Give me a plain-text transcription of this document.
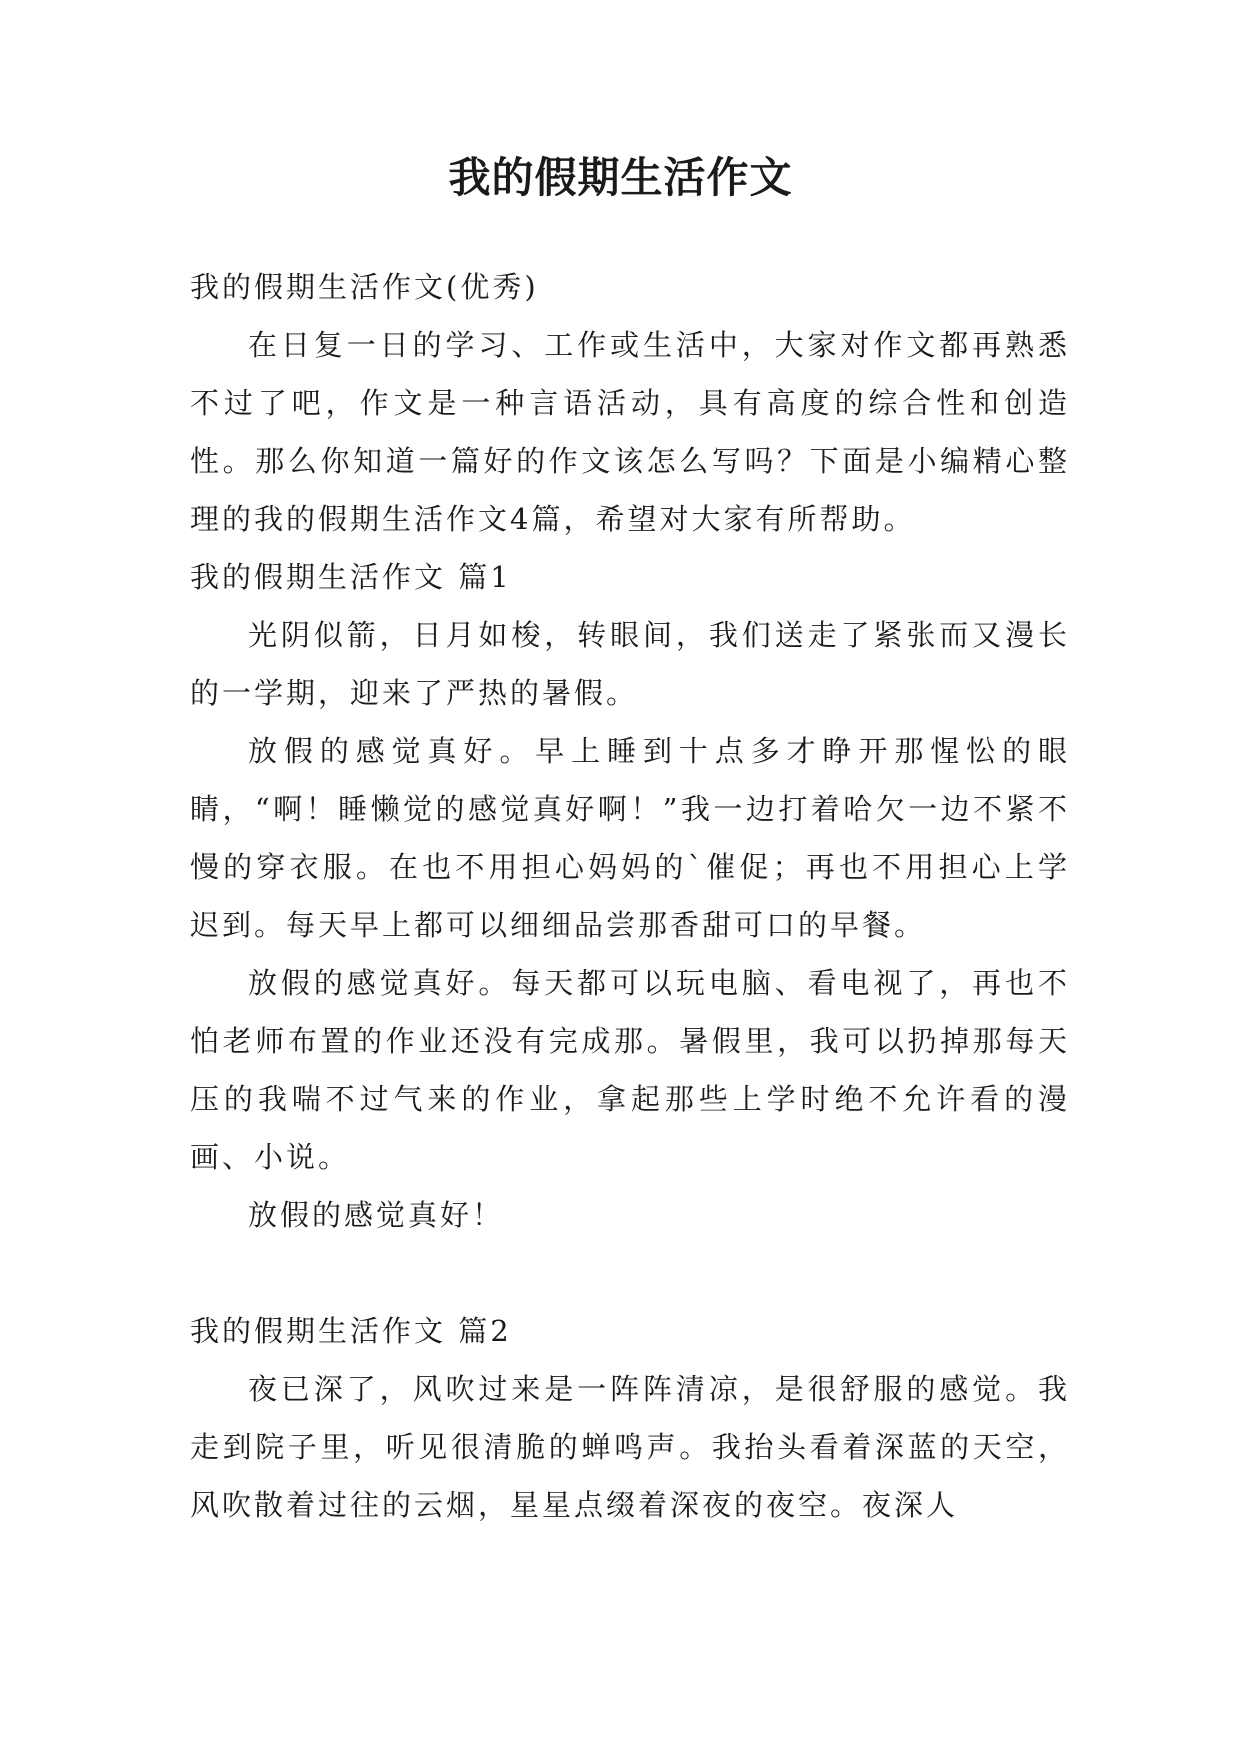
我的假期生活作文

我的假期生活作文(优秀)

在日复一日的学习、工作或生活中，大家对作文都再熟悉不过了吧，作文是一种言语活动，具有高度的综合性和创造性。那么你知道一篇好的作文该怎么写吗？下面是小编精心整理的我的假期生活作文4篇，希望对大家有所帮助。

我的假期生活作文 篇1

光阴似箭，日月如梭，转眼间，我们送走了紧张而又漫长的一学期，迎来了严热的暑假。

放假的感觉真好。早上睡到十点多才睁开那惺忪的眼睛，“啊！睡懒觉的感觉真好啊！”我一边打着哈欠一边不紧不慢的穿衣服。在也不用担心妈妈的`催促；再也不用担心上学迟到。每天早上都可以细细品尝那香甜可口的早餐。

放假的感觉真好。每天都可以玩电脑、看电视了，再也不怕老师布置的作业还没有完成那。暑假里，我可以扔掉那每天压的我喘不过气来的作业，拿起那些上学时绝不允许看的漫画、小说。

放假的感觉真好！

我的假期生活作文 篇2

夜已深了，风吹过来是一阵阵清凉，是很舒服的感觉。我走到院子里，听见很清脆的蝉鸣声。我抬头看着深蓝的天空，风吹散着过往的云烟，星星点缀着深夜的夜空。夜深人
